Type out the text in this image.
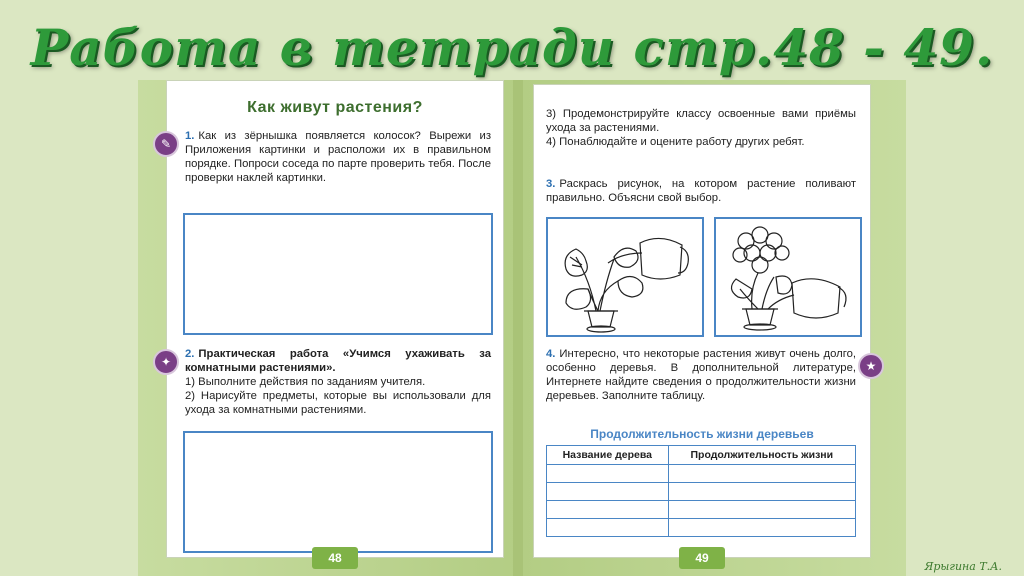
Работа в тетради стр.48 - 49.
Как живут растения?
✎
1. Как из зёрнышка появляется колосок? Вырежи из Приложения картинки и расположи их в правильном порядке. Попроси соседа по парте проверить тебя. После проверки наклей картинки.
✦
2. Практическая работа «Учимся ухаживать за комнатными растениями».
1) Выполните действия по заданиям учителя.
2) Нарисуйте предметы, которые вы использовали для ухода за комнатными растениями.
48
3) Продемонстрируйте классу освоенные вами приёмы ухода за растениями.
4) Понаблюдайте и оцените работу других ребят.
3. Раскрась рисунок, на котором растение поливают правильно. Объясни свой выбор.
★
4. Интересно, что некоторые растения живут очень долго, особенно деревья. В дополнительной литературе, Интернете найдите сведения о продолжительности жизни деревьев. Заполните таблицу.
Продолжительность жизни деревьев
Название дерева	Продолжительность жизни

49
Ярыгина Т.А.
